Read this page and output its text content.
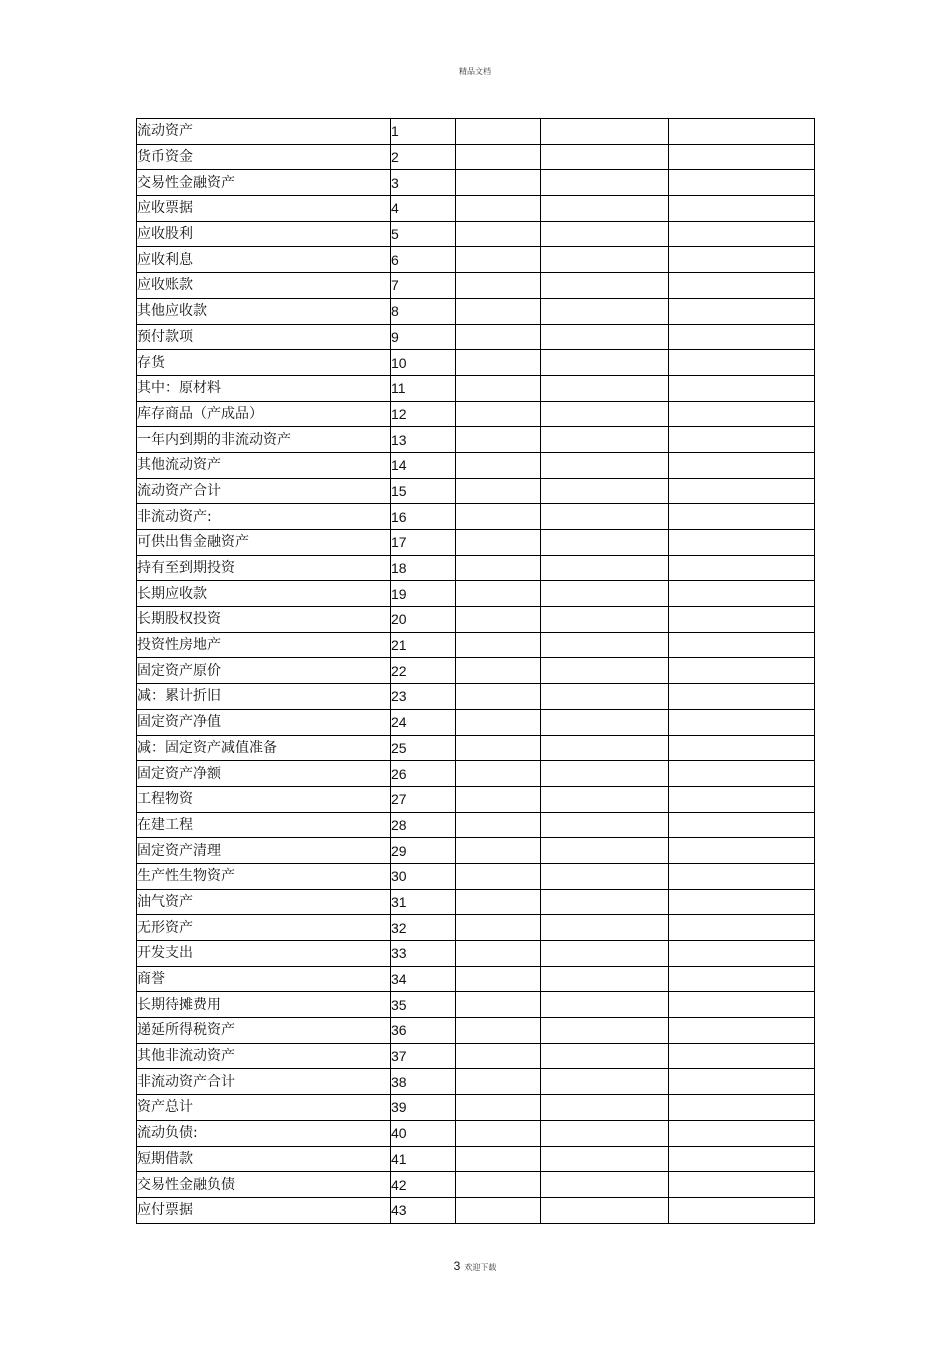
精品文档
流动资产	1			
货币资金	2			
交易性金融资产	3			
应收票据	4			
应收股利	5			
应收利息	6			
应收账款	7			
其他应收款	8			
预付款项	9			
存货	10			
其中：原材料	11			
库存商品（产成品）	12			
一年内到期的非流动资产	13			
其他流动资产	14			
流动资产合计	15			
非流动资产:	16			
可供出售金融资产	17			
持有至到期投资	18			
长期应收款	19			
长期股权投资	20			
投资性房地产	21			
固定资产原价	22			
减：累计折旧	23			
固定资产净值	24			
减：固定资产减值准备	25			
固定资产净额	26			
工程物资	27			
在建工程	28			
固定资产清理	29			
生产性生物资产	30			
油气资产	31			
无形资产	32			
开发支出	33			
商誉	34			
长期待摊费用	35			
递延所得税资产	36			
其他非流动资产	37			
非流动资产合计	38			
资产总计	39			
流动负债:	40			
短期借款	41			
交易性金融负债	42			
应付票据	43			
3 欢迎下载
